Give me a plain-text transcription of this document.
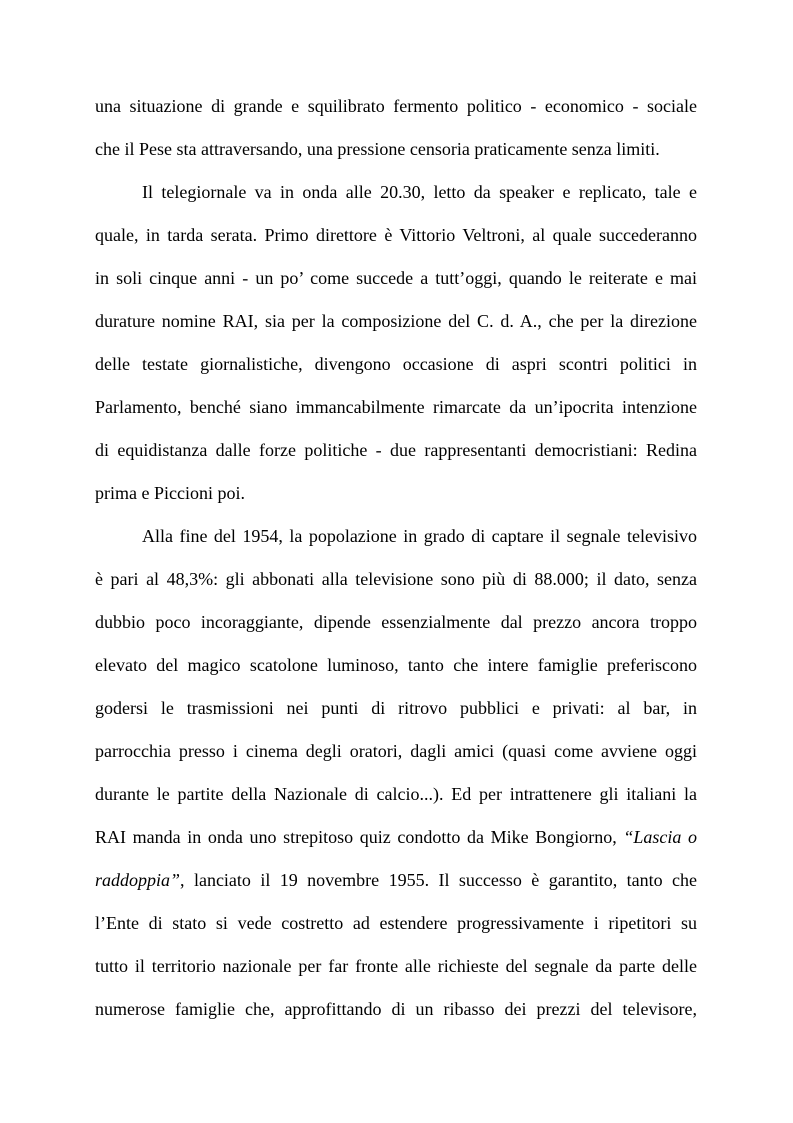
una situazione di grande e squilibrato fermento politico - economico - sociale
che il Pese sta attraversando, una pressione censoria praticamente senza limiti.
Il telegiornale va in onda alle 20.30, letto da speaker e replicato, tale e
quale, in tarda serata. Primo direttore è Vittorio Veltroni, al quale succederanno
in soli cinque anni - un po’ come succede a tutt’oggi, quando le reiterate e mai
durature nomine RAI, sia per la composizione del C. d. A., che per la direzione
delle testate giornalistiche, divengono occasione di aspri scontri politici in
Parlamento, benché siano immancabilmente rimarcate da un’ipocrita intenzione
di equidistanza dalle forze politiche - due rappresentanti democristiani: Redina
prima e Piccioni poi.
Alla fine del 1954, la popolazione in grado di captare il segnale televisivo
è pari al 48,3%: gli abbonati alla televisione sono più di 88.000; il dato, senza
dubbio poco incoraggiante, dipende essenzialmente dal prezzo ancora troppo
elevato del magico scatolone luminoso, tanto che intere famiglie preferiscono
godersi le trasmissioni nei punti di ritrovo pubblici e privati: al bar, in
parrocchia presso i cinema degli oratori, dagli amici (quasi come avviene oggi
durante le partite della Nazionale di calcio...). Ed per intrattenere gli italiani la
RAI manda in onda uno strepitoso quiz condotto da Mike Bongiorno, “Lascia o
raddoppia”, lanciato il 19 novembre 1955. Il successo è garantito, tanto che
l’Ente di stato si vede costretto ad estendere progressivamente i ripetitori su
tutto il territorio nazionale per far fronte alle richieste del segnale da parte delle
numerose famiglie che, approfittando di un ribasso dei prezzi del televisore,
